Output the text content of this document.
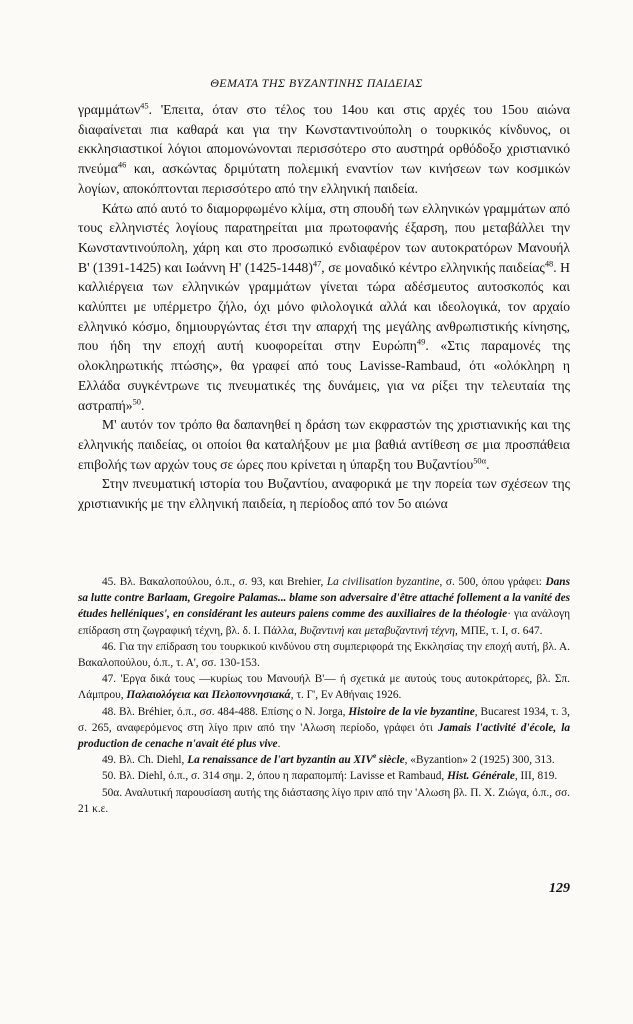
ΘΕΜΑΤΑ ΤΗΣ ΒΥΖΑΝΤΙΝΗΣ ΠΑΙΔΕΙΑΣ

γραμμάτων$^{45}$. 'Επειτα, όταν στο τέλος του 14ου και στις αρχές του 15ου αιώνα διαφαίνεται πια καθαρά και για την Κωνσταντινούπολη ο τουρκικός κίνδυνος, οι εκκλησιαστικοί λόγιοι απομονώνονται περισσότερο στο αυστηρά ορθόδοξο χριστιανικό πνεύμα$^{46}$ και, ασκώντας δριμύτατη πολεμική εναντίον των κινήσεων των κοσμικών λογίων, αποκόπτονται περισσότερο από την ελληνική παιδεία.

Κάτω από αυτό το διαμορφωμένο κλίμα, στη σπουδή των ελληνικών γραμμάτων από τους ελληνιστές λογίους παρατηρείται μια πρωτοφανής έξαρση, που μεταβάλλει την Κωνσταντινούπολη, χάρη και στο προσωπικό ενδιαφέρον των αυτοκρατόρων Μανουήλ Β' (1391-1425) και Ιωάννη Η' (1425-1448)$^{47}$, σε μοναδικό κέντρο ελληνικής παιδείας$^{48}$. Η καλλιέργεια των ελληνικών γραμμάτων γίνεται τώρα αδέσμευτος αυτοσκοπός και καλύπτει με υπέρμετρο ζήλο, όχι μόνο φιλολογικά αλλά και ιδεολογικά, τον αρχαίο ελληνικό κόσμο, δημιουργώντας έτσι την απαρχή της μεγάλης ανθρωπιστικής κίνησης, που ήδη την εποχή αυτή κυοφορείται στην Ευρώπη$^{49}$. «Στις παραμονές της ολοκληρωτικής πτώσης», θα γραφεί από τους Lavisse-Rambaud, ότι «ολόκληρη η Ελλάδα συγκέντρωνε τις πνευματικές της δυνάμεις, για να ρίξει την τελευταία της αστραπή»$^{50}$.

Μ' αυτόν τον τρόπο θα δαπανηθεί η δράση των εκφραστών της χριστιανικής και της ελληνικής παιδείας, οι οποίοι θα καταλήξουν με μια βαθιά αντίθεση σε μια προσπάθεια επιβολής των αρχών τους σε ώρες που κρίνεται η ύπαρξη του Βυζαντίου$^{50\alpha}$.

Στην πνευματική ιστορία του Βυζαντίου, αναφορικά με την πορεία των σχέσεων της χριστιανικής με την ελληνική παιδεία, η περίοδος από τον 5ο αιώνα

45. Βλ. Βακαλοπούλου, ό.π., σ. 93, και Brehier, La civilisation byzantine, σ. 500, όπου γράφει: Dans sa lutte contre Barlaam, Gregoire Palamas... blame son adversaire d'être attaché follement a la vanité des études helléniques', en considérant les auteurs paiens comme des auxiliaires de la théologie· για ανάλογη επίδραση στη ζωγραφική τέχνη, βλ. δ. Ι. Πάλλα, Βυζαντινή και μεταβυζαντινή τέχνη, ΜΠΕ, τ. Ι, σ. 647.

46. Για την επίδραση του τουρκικού κινδύνου στη συμπεριφορά της Εκκλησίας την εποχή αυτή, βλ. Α. Βακαλοπούλου, ό.π., τ. Α', σσ. 130-153.

47. 'Εργα δικά τους —κυρίως του Μανουήλ Β'— ή σχετικά με αυτούς τους αυτοκράτορες, βλ. Σπ. Λάμπρου, Παλαιολόγεια και Πελοποννησιακά, τ. Γ', Εν Αθήναις 1926.

48. Βλ. Bréhier, ό.π., σσ. 484-488. Επίσης ο N. Jorga, Histoire de la vie byzantine, Bucarest 1934, τ. 3, σ. 265, αναφερόμενος στη λίγο πριν από την 'Αλωση περίοδο, γράφει ότι Jamais l'activité d'école, la production de cenache n'avait été plus vive.

49. Βλ. Ch. Diehl, La renaissance de l'art byzantin au XIVe siècle, «Byzantion» 2 (1925) 300, 313.

50. Βλ. Diehl, ό.π., σ. 314 σημ. 2, όπου η παραπομπή: Lavisse et Rambaud, Hist. Générale, III, 819.

50α. Αναλυτική παρουσίαση αυτής της διάστασης λίγο πριν από την 'Αλωση βλ. Π. Χ. Ζιώγα, ό.π., σσ. 21 κ.ε.

129
